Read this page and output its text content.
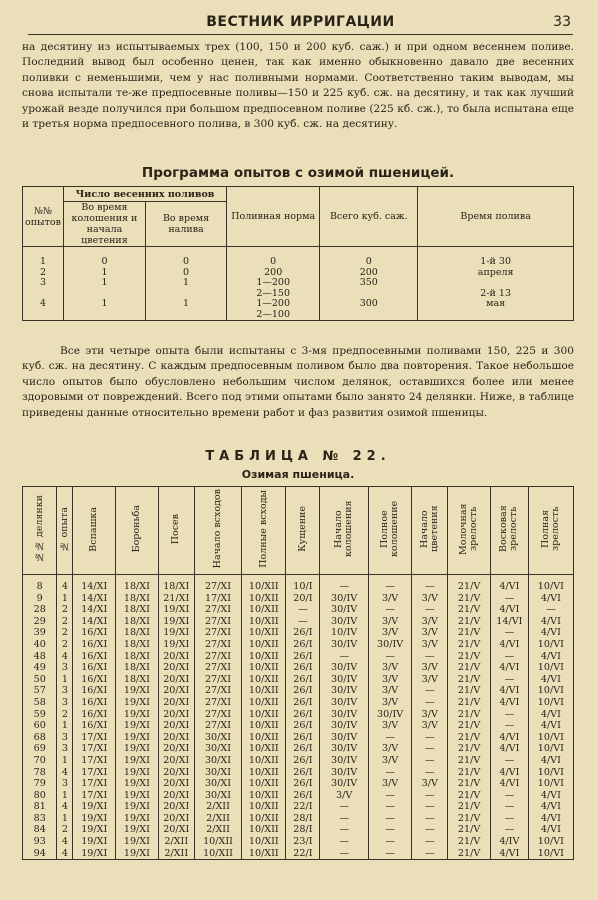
ВЕСТНИК ИРРИГАЦИИ	33
на десятину из испытываемых трех (100, 150 и 200 куб. саж.) и при одном весеннем поливе. Последний вывод был особенно ценен, так как именно обыкновенно давало две весенних поливки с неменьшими, чем у нас поливными нормами. Соответственно таким выводам, мы снова испытали те-же предпосевные поливы—150 и 225 куб. сж. на десятину, и так как лучший урожай везде получился при большом предпосевном поливе (225 кб. сж.), то была испытана еще и третья норма предпосевного полива, в 300 куб. сж. на десятину.
Программа опытов с озимой пшеницей.
№№ опытов	Число весенних поливов		Поливная норма	Всего куб. саж.	Время полива
	Во время колошения и начала цветения	Во время налива			

1	0	0	0	0	1-й 30
2	1	0	200	200	апреля
3	1	1	1—200	350	
			2—150		2-й 13
4	1	1	1—200	300	мая
			2—100		
Все эти четыре опыта были испытаны с 3-мя предпосевными поливами 150, 225 и 300 куб. сж. на десятину. С каждым предпосевным поливом было два повторения. Такое небольшое число опытов было обусловлено небольшим числом делянок, оставшихся более или менее здоровыми от повреждений. Всего под этими опытами было занято 24 делянки. Ниже, в таблице приведены данные относительно времени работ и фаз развития озимой пшеницы.
ТАБЛИЦА № 22.
Озимая пшеница.
№№ делянки	№ опыта	Вспашка	Бороньба	Посев	Начало всходов	Полные всходы	Кущение	Начало колошения	Полное колошение	Начало цветения	Молочная зрелость	Восковая зрелость	Полная зрелость

8	4	14/XI	18/XI	18/XI	27/XI	10/XII	10/I	—	—	—	21/V	4/VI	10/VI
9	1	14/XI	18/XI	21/XI	17/XI	10/XII	20/I	30/IV	3/V	3/V	21/V	—	4/VI
28	2	14/XI	18/XI	19/XI	27/XI	10/XII	—	30/IV	—	—	21/V	4/VI	—
29	2	14/XI	18/XI	19/XI	27/XI	10/XII	—	30/IV	3/V	3/V	21/V	14/VI	4/VI
39	2	16/XI	18/XI	19/XI	27/XI	10/XII	26/I	10/IV	3/V	3/V	21/V	—	4/VI
40	2	16/XI	18/XI	19/XI	27/XI	10/XII	26/I	30/IV	30/IV	3/V	21/V	4/VI	10/VI
48	4	16/XI	18/XI	20/XI	27/XI	10/XII	26/I	—	—	—	21/V	—	4/VI
49	3	16/XI	18/XI	20/XI	27/XI	10/XII	26/I	30/IV	3/V	3/V	21/V	4/VI	10/VI
50	1	16/XI	18/XI	20/XI	27/XI	10/XII	26/I	30/IV	3/V	3/V	21/V	—	4/VI
57	3	16/XI	19/XI	20/XI	27/XI	10/XII	26/I	30/IV	3/V	—	21/V	4/VI	10/VI
58	3	16/XI	19/XI	20/XI	27/XI	10/XII	26/I	30/IV	3/V	—	21/V	4/VI	10/VI
59	2	16/XI	19/XI	20/XI	27/XI	10/XII	26/I	30/IV	30/IV	3/V	21/V	—	4/VI
60	1	16/XI	19/XI	20/XI	27/XI	10/XII	26/I	30/IV	3/V	3/V	21/V	—	4/VI
68	3	17/XI	19/XI	20/XI	30/XI	10/XII	26/I	30/IV	—	—	21/V	4/VI	10/VI
69	3	17/XI	19/XI	20/XI	30/XI	10/XII	26/I	30/IV	3/V	—	21/V	4/VI	10/VI
70	1	17/XI	19/XI	20/XI	30/XI	10/XII	26/I	30/IV	3/V	—	21/V	—	4/VI
78	4	17/XI	19/XI	20/XI	30/XI	10/XII	26/I	30/IV	—	—	21/V	4/VI	10/VI
79	3	17/XI	19/XI	20/XI	30/XI	10/XII	26/I	30/IV	3/V	3/V	21/V	4/VI	10/VI
80	1	17/XI	19/XI	20/XI	30/XI	10/XII	26/I	3/V	—	—	21/V	—	4/VI
81	4	19/XI	19/XI	20/XI	2/XII	10/XII	22/I	—	—	—	21/V	—	4/VI
83	1	19/XI	19/XI	20/XI	2/XII	10/XII	28/I	—	—	—	21/V	—	4/VI
84	2	19/XI	19/XI	20/XI	2/XII	10/XII	28/I	—	—	—	21/V	—	4/VI
93	4	19/XI	19/XI	2/XII	10/XII	10/XII	23/I	—	—	—	21/V	4/IV	10/VI
94	4	19/XI	19/XI	2/XII	10/XII	10/XII	22/I	—	—	—	21/V	4/VI	10/VI
